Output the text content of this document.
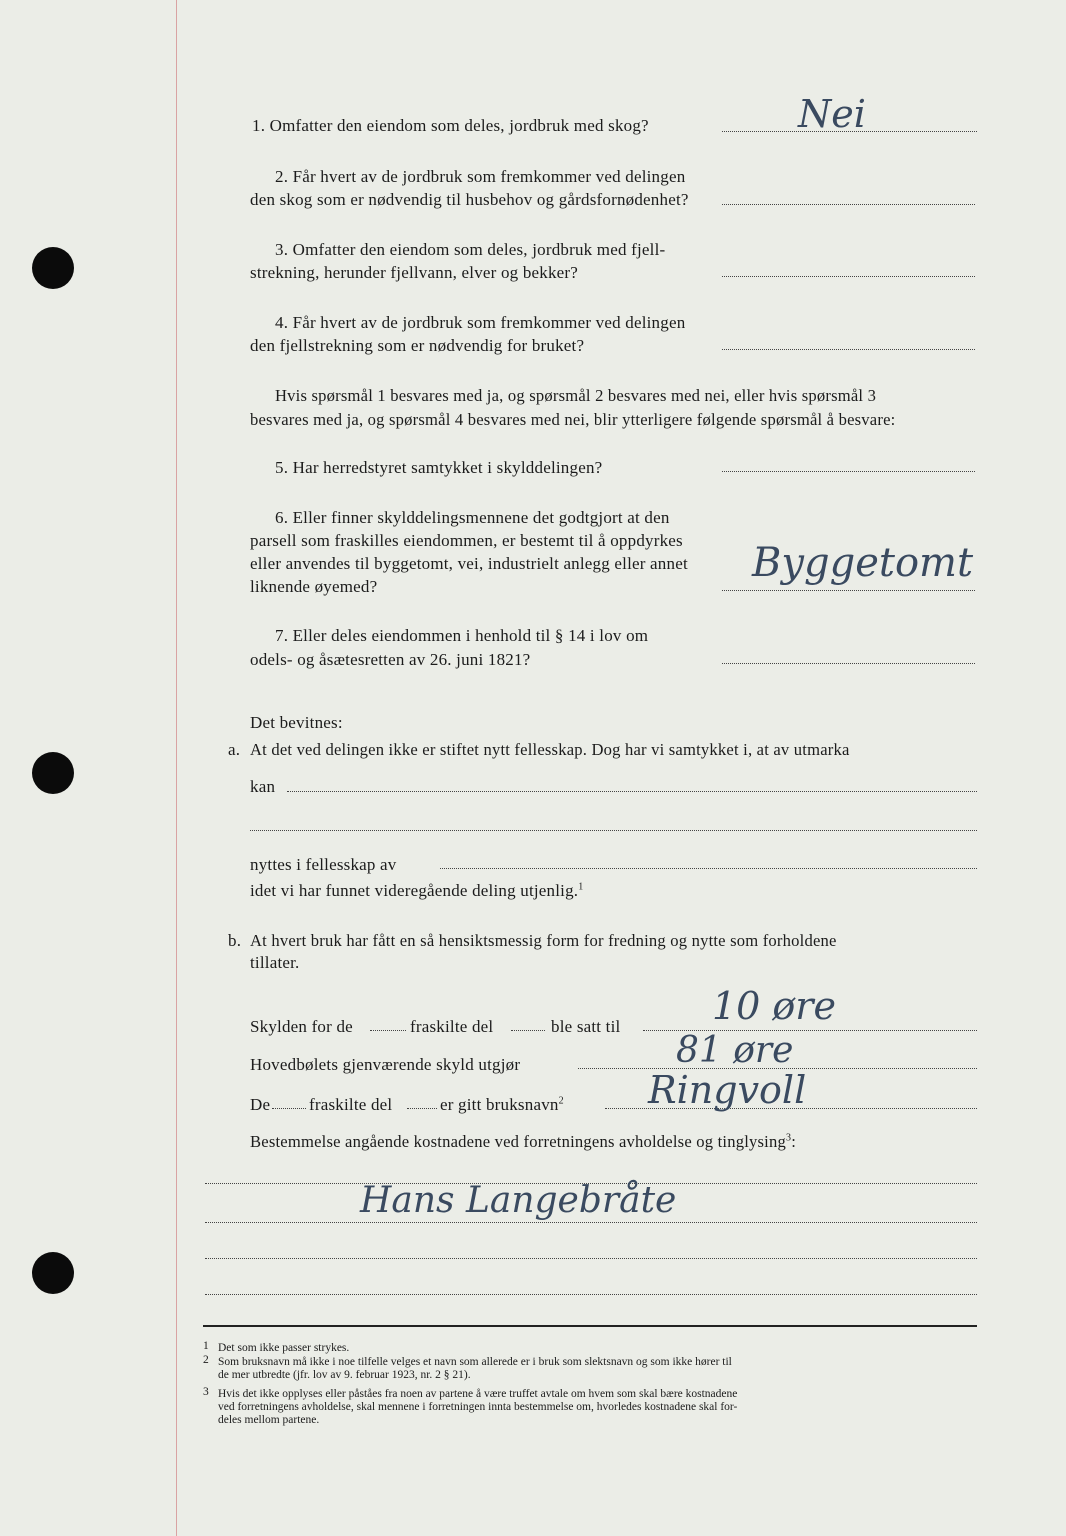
1. Omfatter den eiendom som deles, jordbruk med skog?	Nei
2. Får hvert av de jordbruk som fremkommer ved delingen
den skog som er nødvendig til husbehov og gårdsfornødenhet?
3. Omfatter den eiendom som deles, jordbruk med fjell-
strekning, herunder fjellvann, elver og bekker?
4. Får hvert av de jordbruk som fremkommer ved delingen
den fjellstrekning som er nødvendig for bruket?
Hvis spørsmål 1 besvares med ja, og spørsmål 2 besvares med nei, eller hvis spørsmål 3
besvares med ja, og spørsmål 4 besvares med nei, blir ytterligere følgende spørsmål å besvare:
5. Har herredstyret samtykket i skylddelingen?
6. Eller finner skylddelingsmennene det godtgjort at den
parsell som fraskilles eiendommen, er bestemt til å oppdyrkes
eller anvendes til byggetomt, vei, industrielt anlegg eller annet
liknende øyemed?
Byggetomt
7. Eller deles eiendommen i henhold til § 14 i lov om
odels- og åsætesretten av 26. juni 1821?
Det bevitnes:
a. At det ved delingen ikke er stiftet nytt fellesskap. Dog har vi samtykket i, at av utmarka
kan
nyttes i fellesskap av
idet vi har funnet videregående deling utjenlig.$^1$
b. At hvert bruk har fått en så hensiktsmessig form for fredning og nytte som forholdene
tillater.
Skylden for de	fraskilte del	ble satt til 10 øre
Hovedbølets gjenværende skyld utgjør	81 øre
De fraskilte del	er gitt bruksnavn$^2$ Ringvoll
Bestemmelse angående kostnadene ved forretningens avholdelse og tinglysing$^3$:
Hans Langebråte
1 Det som ikke passer strykes.
2 Som bruksnavn må ikke i noe tilfelle velges et navn som allerede er i bruk som slektsnavn og som ikke hører til
de mer utbredte (jfr. lov av 9. februar 1923, nr. 2 § 21).
3 Hvis det ikke opplyses eller påståes fra noen av partene å være truffet avtale om hvem som skal bære kostnadene
ved forretningens avholdelse, skal mennene i forretningen innta bestemmelse om, hvorledes kostnadene skal for-
deles mellom partene.
